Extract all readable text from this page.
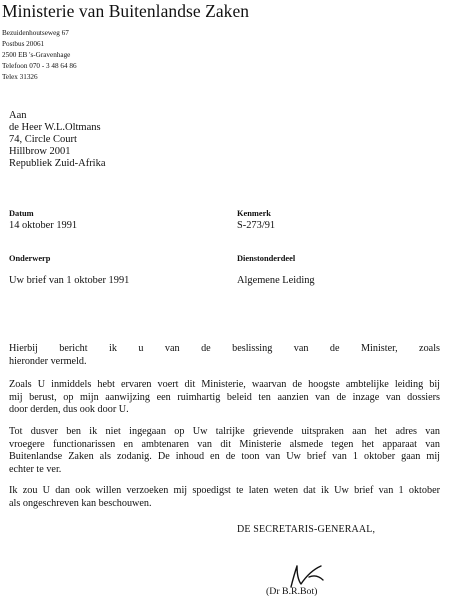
Ministerie van Buitenlandse Zaken
Bezuidenhoutseweg 67
Postbus 20061
2500 EB 's-Gravenhage
Telefoon 070 - 3 48 64 86
Telex 31326
Aan
de Heer W.L.Oltmans
74, Circle Court
Hillbrow 2001
Republiek Zuid-Afrika
Datum
14 oktober 1991
Kenmerk
S-273/91
Onderwerp
Uw brief van 1 oktober 1991
Dienstonderdeel
Algemene Leiding
Hierbij bericht ik u van de beslissing van de Minister, zoals
hieronder vermeld.
Zoals U inmiddels hebt ervaren voert dit Ministerie, waarvan de hoogste ambtelijke leiding bij
mij berust, op mijn aanwijzing een ruimhartig beleid ten aanzien van de inzage van dossiers
door derden, dus ook door U.
Tot dusver ben ik niet ingegaan op Uw talrijke grievende uitspraken aan het adres van
vroegere functionarissen en ambtenaren van dit Ministerie alsmede tegen het apparaat van
Buitenlandse Zaken als zodanig. De inhoud en de toon van Uw brief van 1 oktober gaan mij
echter te ver.
Ik zou U dan ook willen verzoeken mij spoedigst te laten weten dat ik Uw brief van 1 oktober
als ongeschreven kan beschouwen.
DE SECRETARIS-GENERAAL,
(Dr B.R.Bot)
